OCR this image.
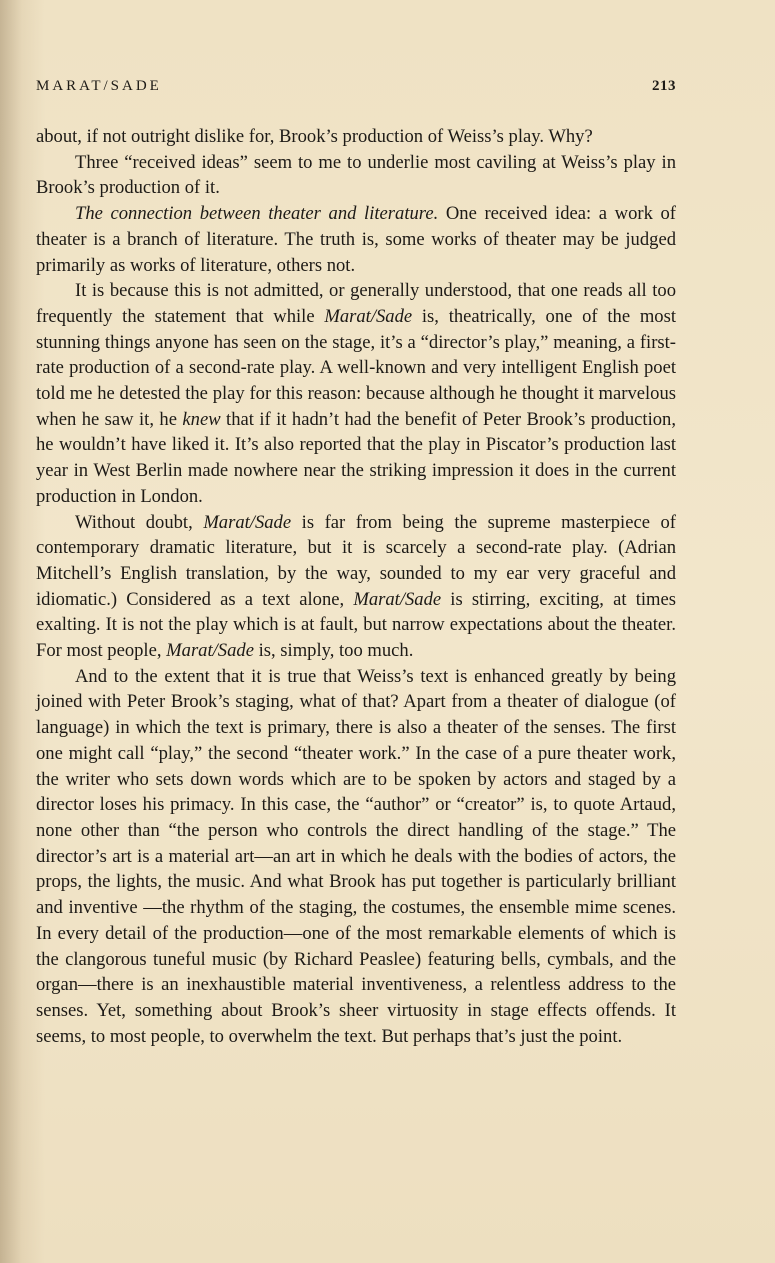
MARAT/SADE	213

about, if not outright dislike for, Brook’s production of Weiss’s play. Why?

Three “received ideas” seem to me to underlie most caviling at Weiss’s play in Brook’s production of it.

The connection between theater and literature. One received idea: a work of theater is a branch of literature. The truth is, some works of theater may be judged primarily as works of literature, others not.

It is because this is not admitted, or generally understood, that one reads all too frequently the statement that while Marat/Sade is, theatrically, one of the most stunning things anyone has seen on the stage, it’s a “director’s play,” meaning, a first-rate production of a second-rate play. A well-known and very intelligent English poet told me he detested the play for this reason: because although he thought it marvelous when he saw it, he knew that if it hadn’t had the benefit of Peter Brook’s production, he wouldn’t have liked it. It’s also reported that the play in Piscator’s production last year in West Berlin made nowhere near the striking impression it does in the current production in London.

Without doubt, Marat/Sade is far from being the supreme masterpiece of contemporary dramatic literature, but it is scarcely a second-rate play. (Adrian Mitchell’s English translation, by the way, sounded to my ear very graceful and idiomatic.) Considered as a text alone, Marat/Sade is stirring, exciting, at times exalting. It is not the play which is at fault, but narrow expectations about the theater. For most people, Marat/Sade is, simply, too much.

And to the extent that it is true that Weiss’s text is enhanced greatly by being joined with Peter Brook’s staging, what of that? Apart from a theater of dialogue (of language) in which the text is primary, there is also a theater of the senses. The first one might call “play,” the second “theater work.” In the case of a pure theater work, the writer who sets down words which are to be spoken by actors and staged by a director loses his primacy. In this case, the “author” or “creator” is, to quote Artaud, none other than “the person who controls the direct handling of the stage.” The director’s art is a material art—an art in which he deals with the bodies of actors, the props, the lights, the music. And what Brook has put together is particularly brilliant and inventive —the rhythm of the staging, the costumes, the ensemble mime scenes. In every detail of the production—one of the most remarkable elements of which is the clangorous tuneful music (by Richard Peaslee) featuring bells, cymbals, and the organ—there is an inexhaustible material inventiveness, a relentless address to the senses. Yet, something about Brook’s sheer virtuosity in stage effects offends. It seems, to most people, to overwhelm the text. But perhaps that’s just the point.
